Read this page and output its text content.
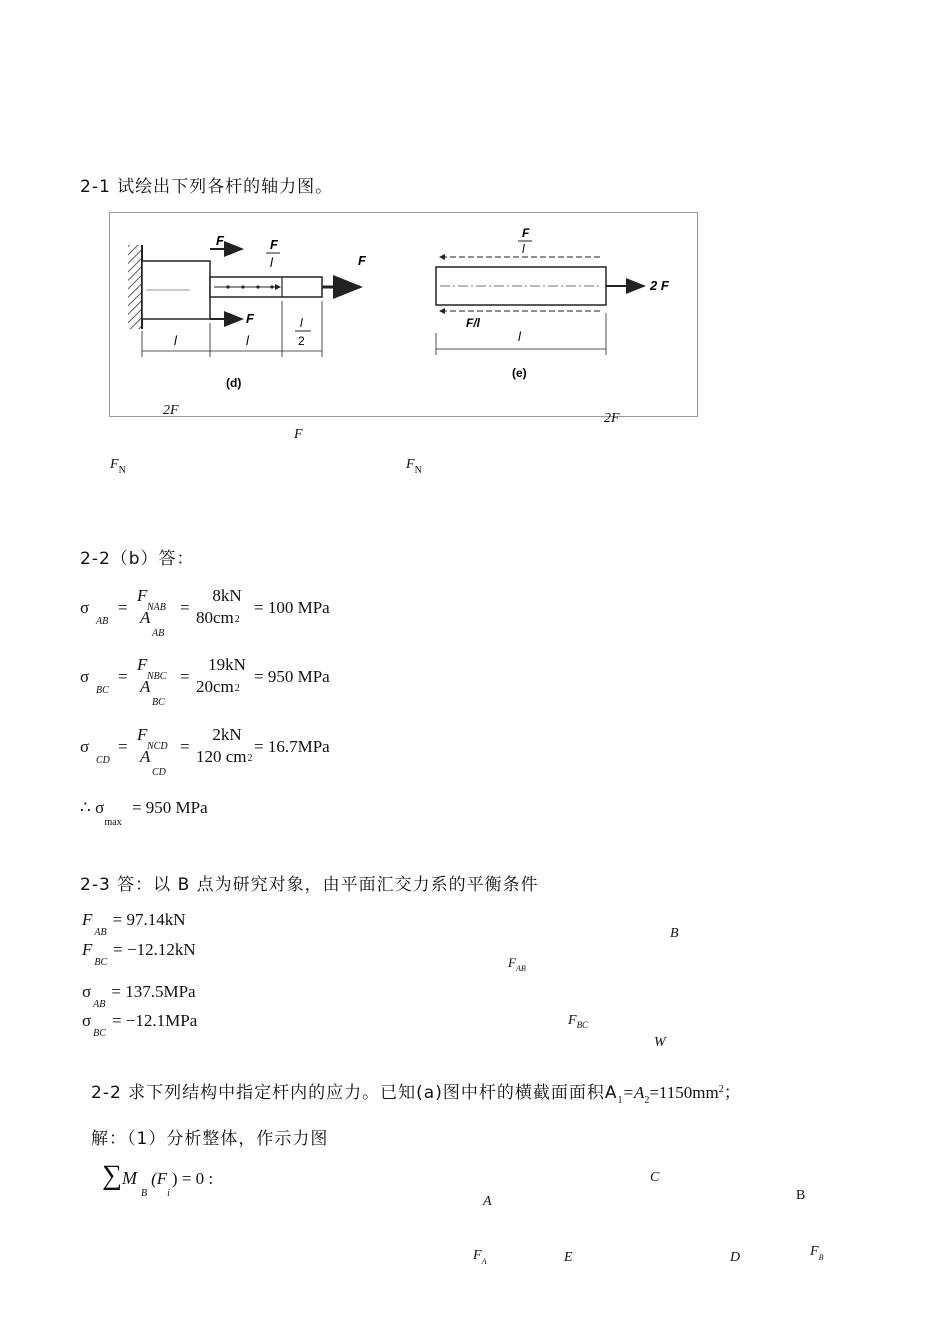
2-1 试绘出下列各杆的轴力图。
F	F
l	F
F
l	l
l
2
(d)
F
l
2 F
F/l
l
(e)
2F
2F
F
$F_N$	$F_N$
2-2（b）答：
σ
AB
=
F
NAB
A
AB
=
8kN
80cm2
= 100 MPa
σ
BC
=
F
NBC
A
BC
=
19kN
20cm2
= 950 MPa
σ
CD
=
F
NCD
A
CD
=
2kN
120 cm2
= 16.7MPa
∴ σ $_{max}$ = 950 MPa
2-3 答：以 B 点为研究对象，由平面汇交力系的平衡条件
$F_{AB}= 97.14kN$
$F_{BC}= -12.12kN$
$\sigma_{AB}= 137.5MPa$
$\sigma_{BC}= -12.1MPa$
B
$F_{AB}$
$F_{BC}$
W
2-2 求下列结构中指定杆内的应力。已知(a)图中杆的横截面面积$A_1=A_2=1150mm^2$；
解：（1）分析整体，作示力图
$\sum M_B(F_i) = 0$ :	C
A	B
$F_A$	E	D	$F_B$
